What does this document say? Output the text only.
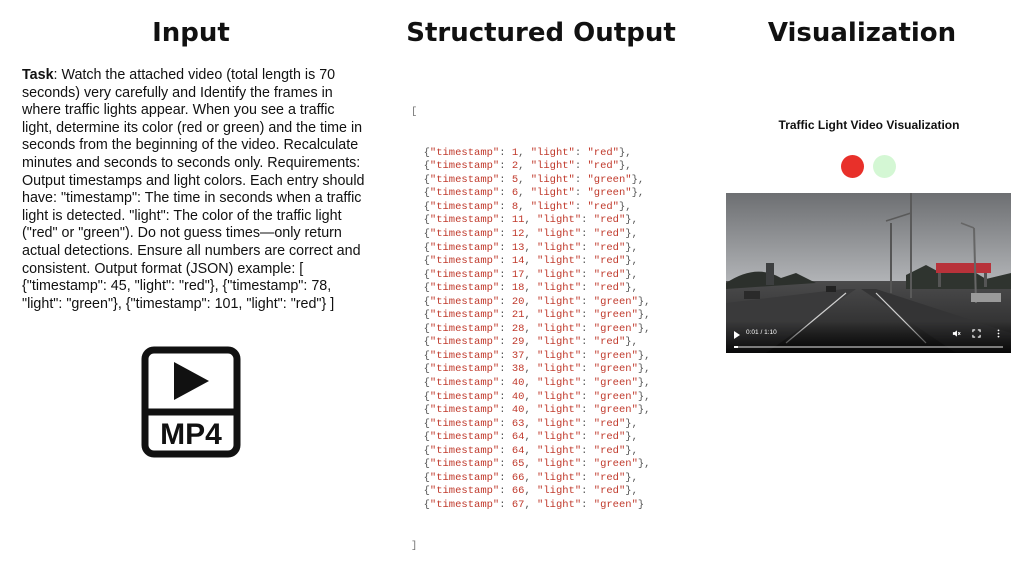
Input	Structured Output	Visualization
Task: Watch the attached video (total length is 70 seconds) very carefully and Identify the frames in where traffic lights appear. When you see a traffic light, determine its color (red or green) and the time in seconds from the beginning of the video. Recalculate minutes and seconds to seconds only. Requirements: Output timestamps and light colors. Each entry should have: "timestamp": The time in seconds when a traffic light is detected. "light": The color of the traffic light ("red" or "green"). Do not guess times—only return actual detections. Ensure all numbers are correct and consistent. Output format (JSON) example: [ {"timestamp": 45, "light": "red"}, {"timestamp": 78, "light": "green"}, {"timestamp": 101, "light": "red"} ]
MP4

[

{"timestamp": 1, "light": "red"},
{"timestamp": 2, "light": "red"},
{"timestamp": 5, "light": "green"},
{"timestamp": 6, "light": "green"},
{"timestamp": 8, "light": "red"},
{"timestamp": 11, "light": "red"},
{"timestamp": 12, "light": "red"},
{"timestamp": 13, "light": "red"},
{"timestamp": 14, "light": "red"},
{"timestamp": 17, "light": "red"},
{"timestamp": 18, "light": "red"},
{"timestamp": 20, "light": "green"},
{"timestamp": 21, "light": "green"},
{"timestamp": 28, "light": "green"},
{"timestamp": 29, "light": "red"},
{"timestamp": 37, "light": "green"},
{"timestamp": 38, "light": "green"},
{"timestamp": 40, "light": "green"},
{"timestamp": 40, "light": "green"},
{"timestamp": 40, "light": "green"},
{"timestamp": 63, "light": "red"},
{"timestamp": 64, "light": "red"},
{"timestamp": 64, "light": "red"},
{"timestamp": 65, "light": "green"},
{"timestamp": 66, "light": "red"},
{"timestamp": 66, "light": "red"},
{"timestamp": 67, "light": "green"}

]

Traffic Light Video Visualization
0:01 / 1:10
